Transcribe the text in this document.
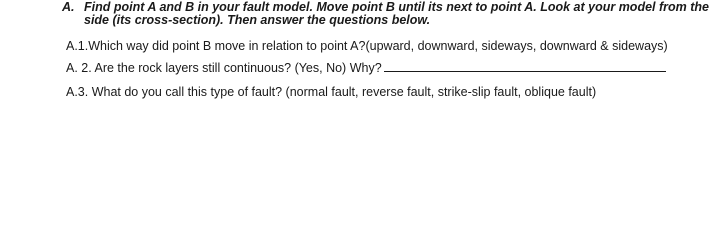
A. Find point A and B in your fault model. Move point B until its next to point A. Look at your model from the
side (its cross-section). Then answer the questions below.
A.1.Which way did point B move in relation to point A?(upward, downward, sideways, downward & sideways)
A. 2. Are the rock layers still continuous? (Yes, No) Why?
A.3. What do you call this type of fault? (normal fault, reverse fault, strike-slip fault, oblique fault)
